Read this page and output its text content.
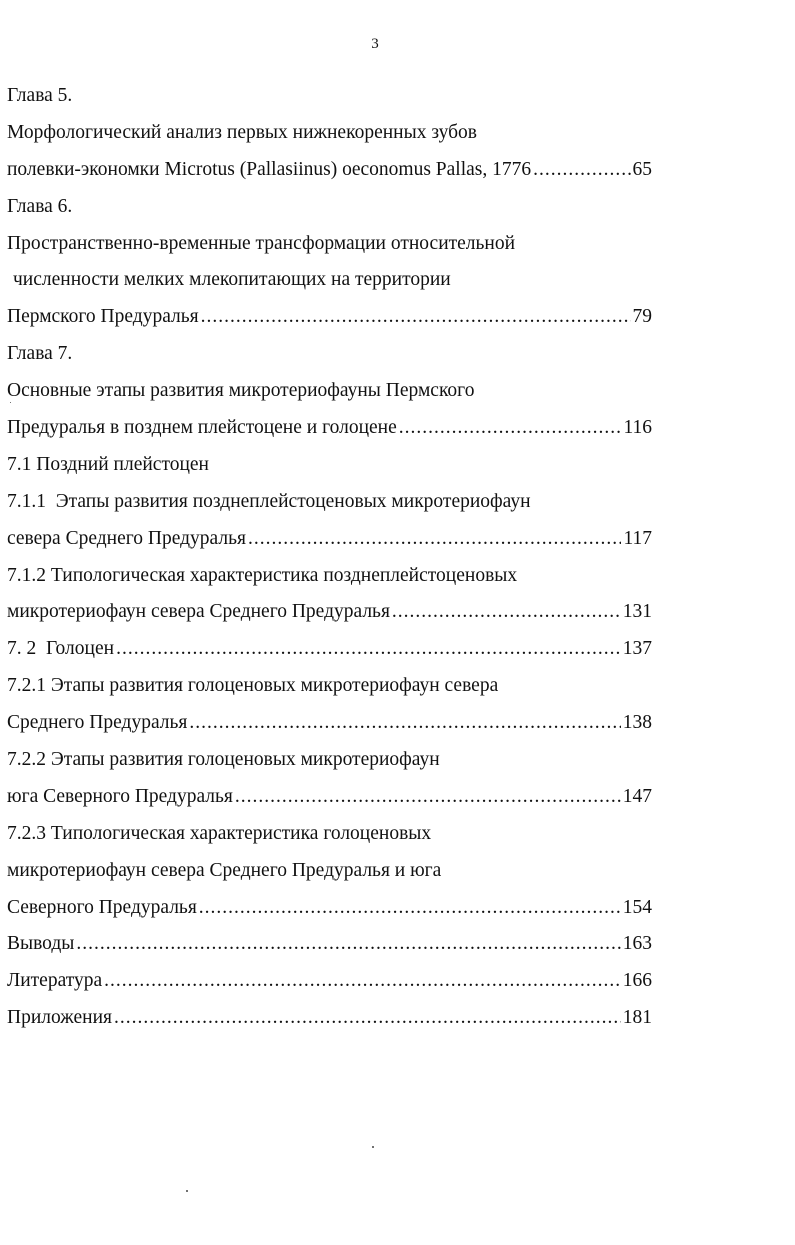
3
Глава 5.
Морфологический анализ первых нижнекоренных зубов
полевки-экономки Microtus (Pallasiinus) oeconomus Pallas, 1776 .....	65
Глава 6.
Пространственно-временные трансформации относительной
численности мелких млекопитающих на территории
Пермского Предуралья .....	79
Глава 7.
Основные этапы развития микротериофауны Пермского
Предуралья в позднем плейстоцене и голоцене .....	116
7.1 Поздний плейстоцен
7.1.1  Этапы развития позднеплейстоценовых микротериофаун
севера Среднего Предуралья .....	117
7.1.2 Типологическая характеристика позднеплейстоценовых
микротериофаун севера Среднего Предуралья .....	131
7. 2  Голоцен .....	137
7.2.1 Этапы развития голоценовых микротериофаун севера
Среднего Предуралья .....	138
7.2.2 Этапы развития голоценовых микротериофаун
юга Северного Предуралья .....	147
7.2.3 Типологическая характеристика голоценовых
микротериофаун севера Среднего Предуралья и юга
Северного Предуралья .....	154
Выводы .....	163
Литература .....	166
Приложения .....	181
